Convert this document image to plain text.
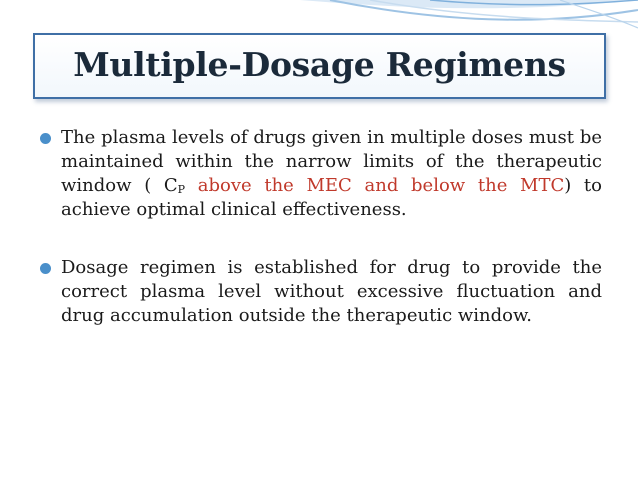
Multiple-Dosage Regimens
The plasma levels of drugs given in multiple doses must be maintained within the narrow limits of the therapeutic window ( $C_P$ above the MEC and below the MTC) to achieve optimal clinical effectiveness.
Dosage regimen is established for drug to provide the correct plasma level without excessive fluctuation and drug accumulation outside the therapeutic window.
